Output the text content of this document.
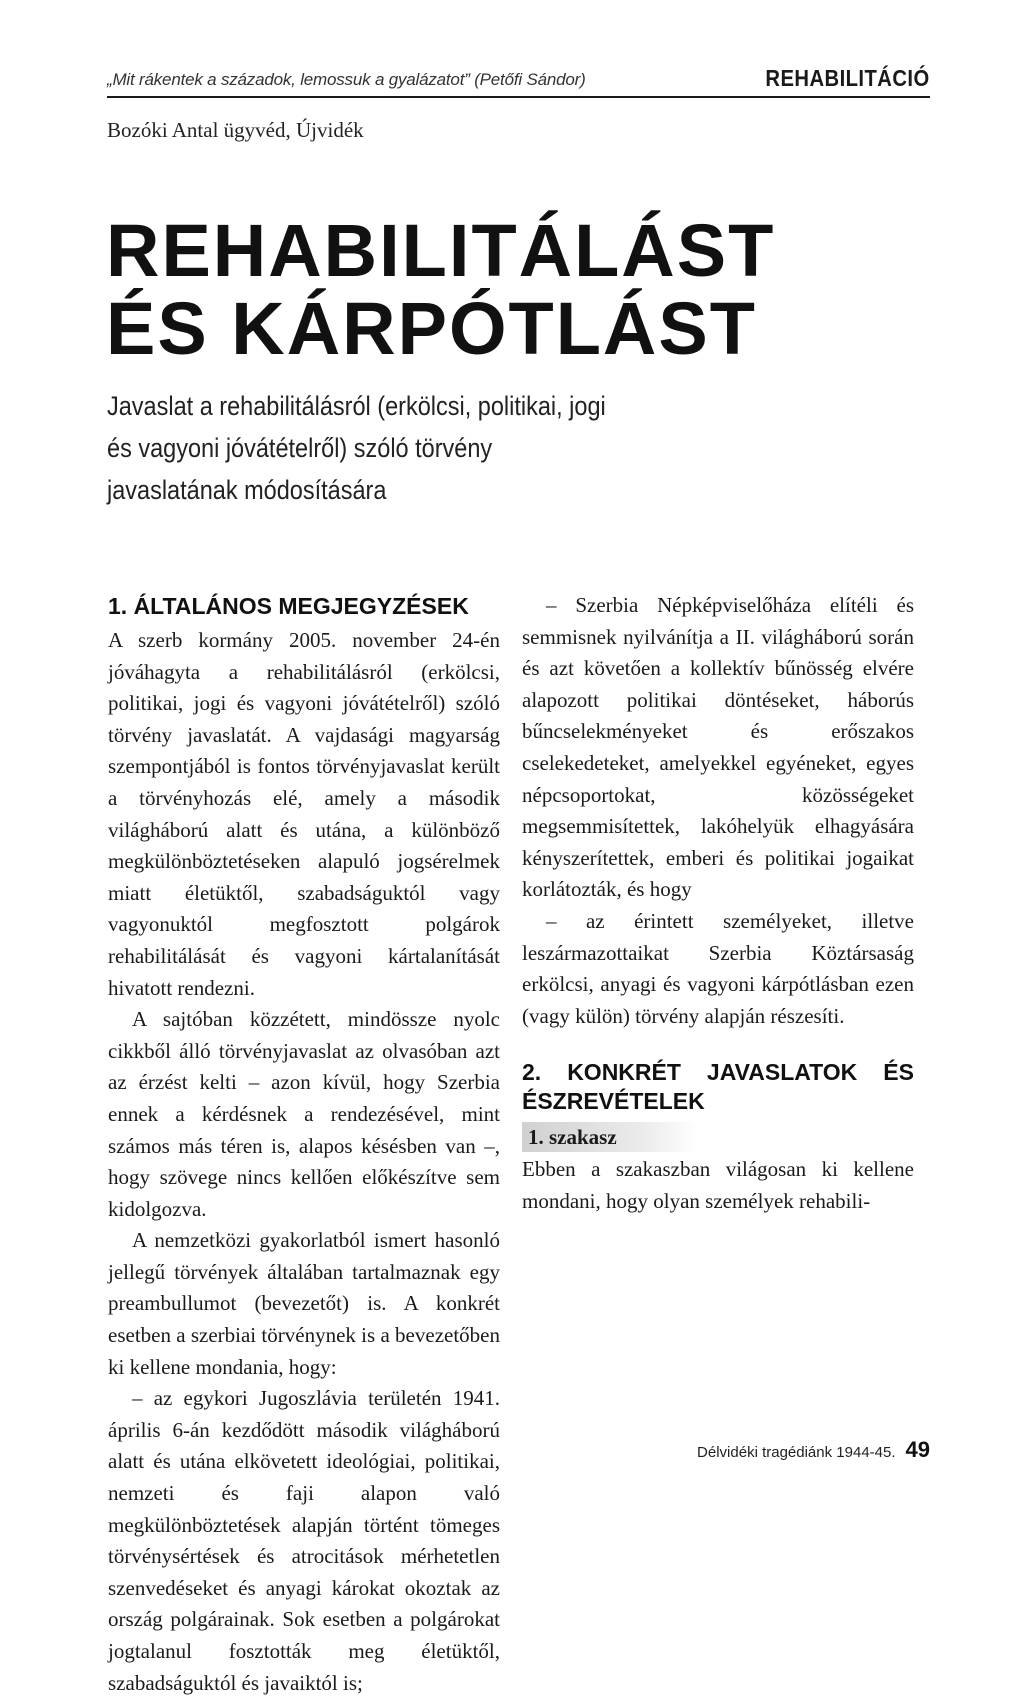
„Mit rákentek a századok, lemossuk a gyalázatot” (Petőfi Sándor)	REHABILITÁCIÓ
Bozóki Antal ügyvéd, Újvidék
REHABILITÁLÁST
ÉS KÁRPÓTLÁST
Javaslat a rehabilitálásról (erkölcsi, politikai, jogi és vagyoni jóvátételről) szóló törvény javaslatának módosítására
1. ÁLTALÁNOS MEGJEGYZÉSEK

A szerb kormány 2005. november 24-én jóváhagyta a rehabilitálásról (erkölcsi, politikai, jogi és vagyoni jóvátételről) szóló törvény javaslatát. A vajdasági magyarság szempontjából is fontos törvényjavaslat került a törvényhozás elé, amely a második világháború alatt és utána, a különböző megkülönböztetéseken alapuló jogsérelmek miatt életüktől, szabadságuktól vagy vagyonuktól megfosztott polgárok rehabilitálását és vagyoni kártalanítását hivatott rendezni.

A sajtóban közzétett, mindössze nyolc cikkből álló törvényjavaslat az olvasóban azt az érzést kelti – azon kívül, hogy Szerbia ennek a kérdésnek a rendezésével, mint számos más téren is, alapos késésben van –, hogy szövege nincs kellően előkészítve sem kidolgozva.

A nemzetközi gyakorlatból ismert hasonló jellegű törvények általában tartalmaznak egy preambullumot (bevezetőt) is. A konkrét esetben a szerbiai törvénynek is a bevezetőben ki kellene mondania, hogy:

– az egykori Jugoszlávia területén 1941. április 6-án kezdődött második világháború alatt és utána elkövetett ideológiai, politikai, nemzeti és faji alapon való megkülönböztetések alapján történt tömeges törvénysértések és atrocitások mérhetetlen szenvedéseket és anyagi károkat okoztak az ország polgárainak. Sok esetben a polgárokat jogtalanul fosztották meg életüktől, szabadságuktól és javaiktól is;

– Szerbia Népképviselőháza elítéli és semmisnek nyilvánítja a II. világháború során és azt követően a kollektív bűnösség elvére alapozott politikai döntéseket, háborús bűncselekményeket és erőszakos cselekedeteket, amelyekkel egyéneket, egyes népcsoportokat, közösségeket megsemmisítettek, lakóhelyük elhagyására kényszerítettek, emberi és politikai jogaikat korlátozták, és hogy

– az érintett személyeket, illetve leszármazottaikat Szerbia Köztársaság erkölcsi, anyagi és vagyoni kárpótlásban ezen (vagy külön) törvény alapján részesíti.

2. KONKRÉT JAVASLATOK ÉS ÉSZREVÉTELEK
1. szakasz

Ebben a szakaszban világosan ki kellene mondani, hogy olyan személyek rehabili-

Délvidéki tragédiánk 1944-45. 49
